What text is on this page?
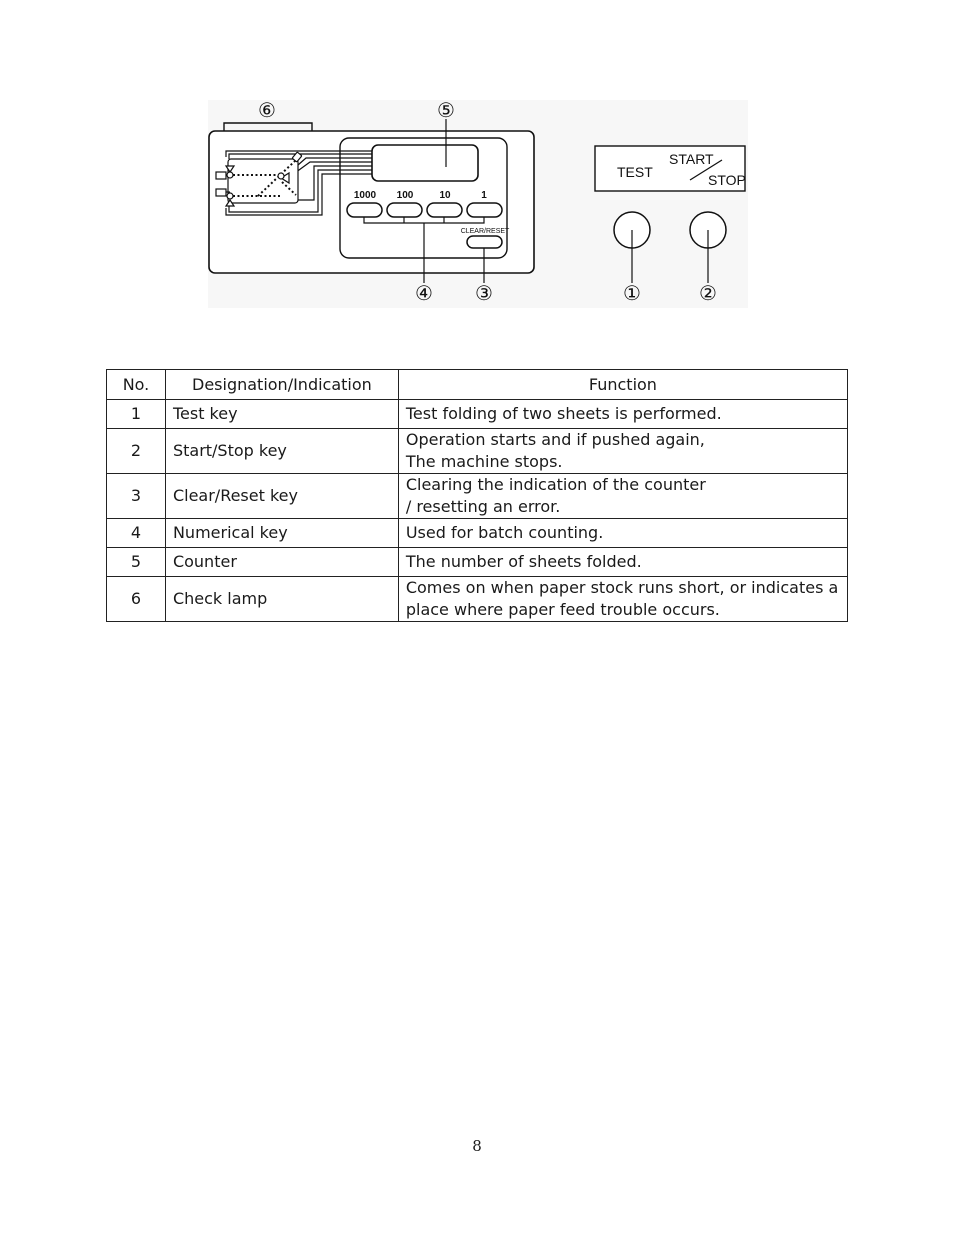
1000 100	10	1
CLEAR/RESET
⑥	⑤
④ ③	①	②
TEST
START
STOP
No.	Designation/Indication	Function
1	Test key	Test folding of two sheets is performed.

2	Start/Stop key	Operation starts and if pushed again,
The machine stops.

3	Clear/Reset key	Clearing the indication of the counter
/ resetting an error.

4	Numerical key	Used for batch counting.

5	Counter	The number of sheets folded.

6	Check lamp	Comes on when paper stock runs short, or indicates a
place where paper feed trouble occurs.
8
